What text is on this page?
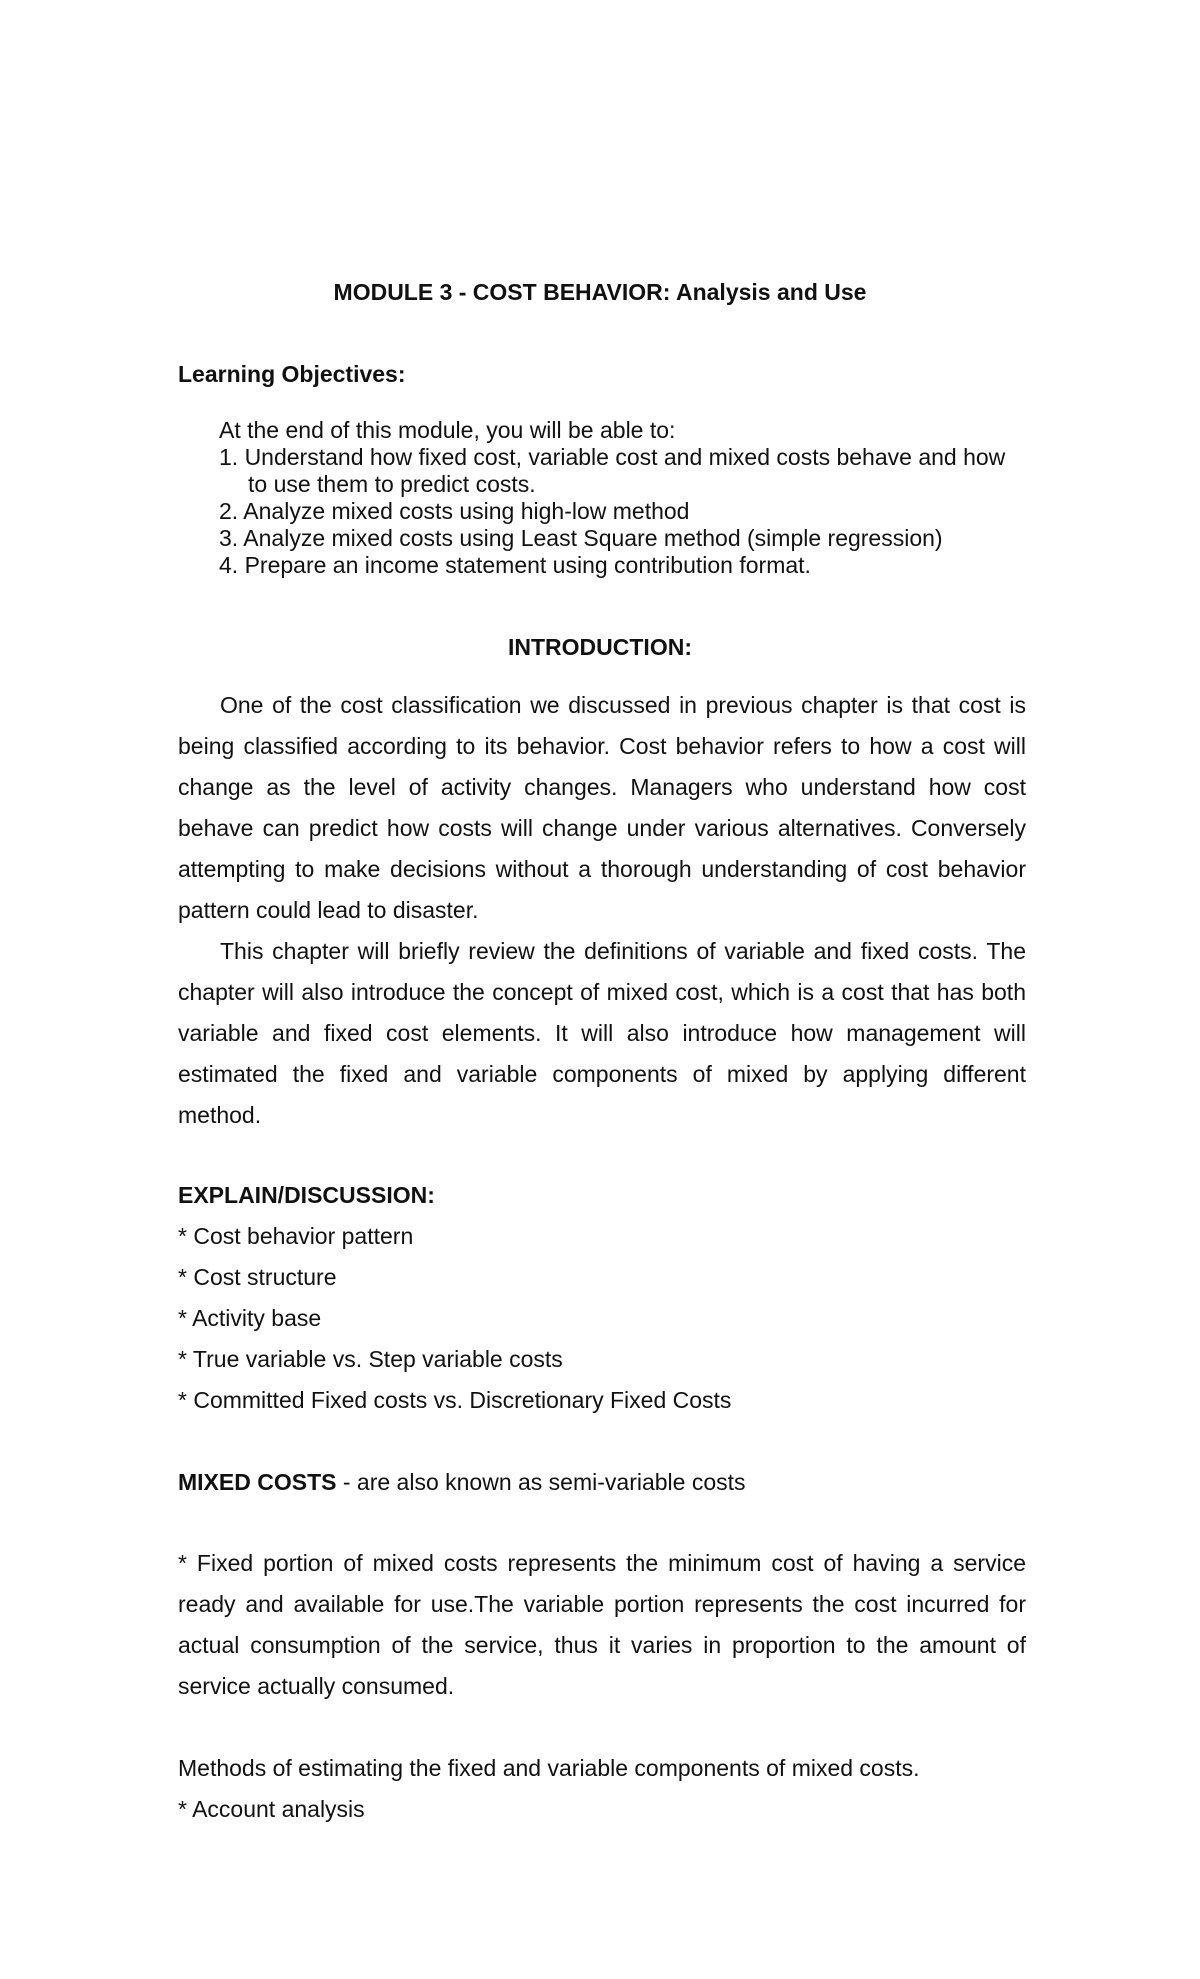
MODULE 3 - COST BEHAVIOR: Analysis and Use
Learning Objectives:

At the end of this module, you will be able to:

1. Understand how fixed cost, variable cost and mixed costs behave and how

to use them to predict costs.

2. Analyze mixed costs using high-low method

3. Analyze mixed costs using Least Square method (simple regression)

4. Prepare an income statement using contribution format.

INTRODUCTION:

One of the cost classification we discussed in previous chapter is that cost is being classified according to its behavior. Cost behavior refers to how a cost will change as the level of activity changes. Managers who understand how cost behave can predict how costs will change under various alternatives. Conversely attempting to make decisions without a thorough understanding of cost behavior pattern could lead to disaster.

This chapter will briefly review the definitions of variable and fixed costs. The chapter will also introduce the concept of mixed cost, which is a cost that has both variable and fixed cost elements. It will also introduce how management will estimated the fixed and variable components of mixed by applying different method.

EXPLAIN/DISCUSSION:

* Cost behavior pattern

* Cost structure

* Activity base

* True variable vs. Step variable costs

* Committed Fixed costs vs. Discretionary Fixed Costs

MIXED COSTS - are also known as semi-variable costs
* Fixed portion of mixed costs represents the minimum cost of having a service ready and available for use.The variable portion represents the cost incurred for actual consumption of the service, thus it varies in proportion to the amount of service actually consumed.

Methods of estimating the fixed and variable components of mixed costs.

* Account analysis
